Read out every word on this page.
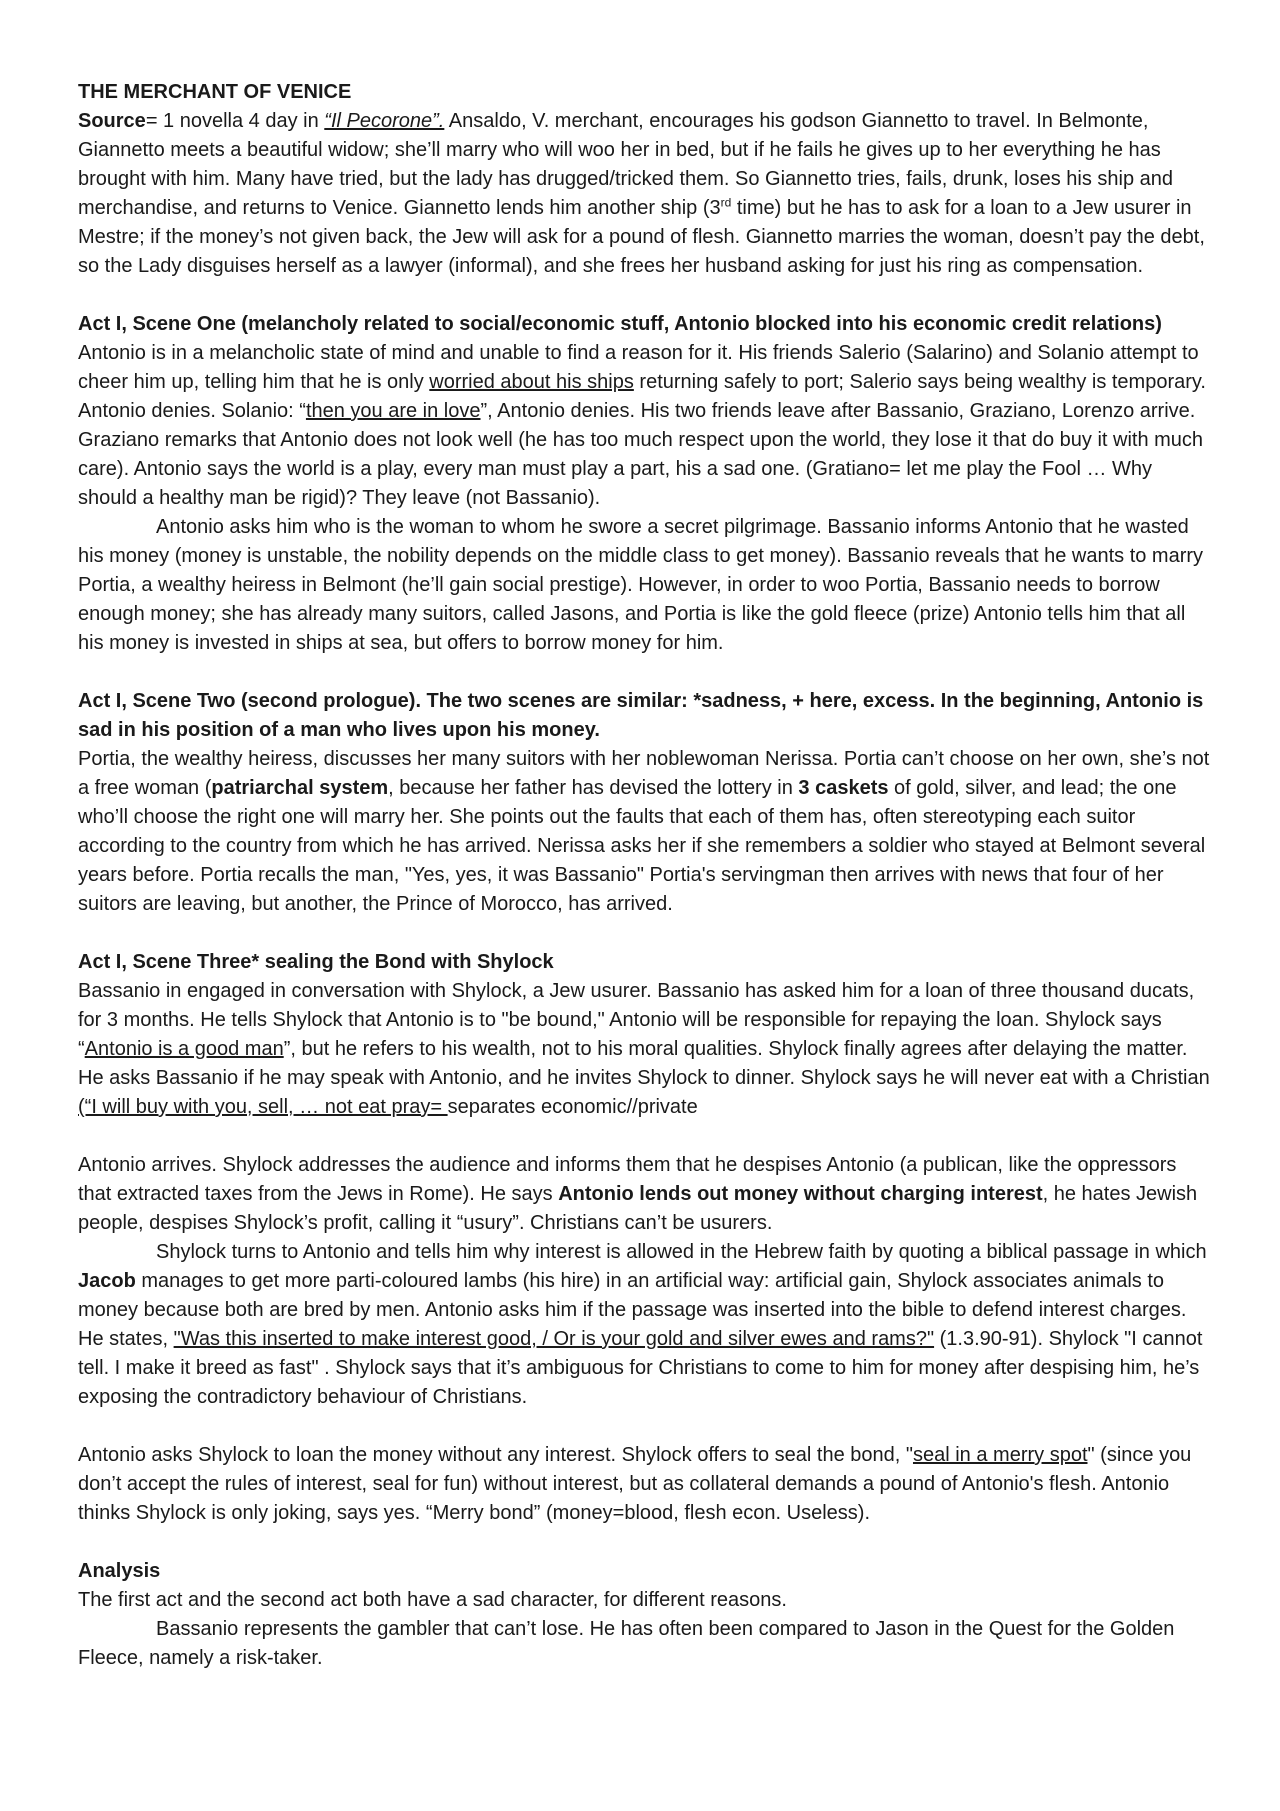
THE MERCHANT OF VENICE

Source= 1 novella 4 day in “Il Pecorone”. Ansaldo, V. merchant, encourages his godson Giannetto to travel. In Belmonte, Giannetto meets a beautiful widow; she’ll marry who will woo her in bed, but if he fails he gives up to her everything he has brought with him. Many have tried, but the lady has drugged/tricked them. So Giannetto tries, fails, drunk, loses his ship and merchandise, and returns to Venice. Giannetto lends him another ship (3rd time) but he has to ask for a loan to a Jew usurer in Mestre; if the money’s not given back, the Jew will ask for a pound of flesh. Giannetto marries the woman, doesn’t pay the debt, so the Lady disguises herself as a lawyer (informal), and she frees her husband asking for just his ring as compensation.

Act I, Scene One (melancholy related to social/economic stuff, Antonio blocked into his economic credit relations)

Antonio is in a melancholic state of mind and unable to find a reason for it. His friends Salerio (Salarino) and Solanio attempt to cheer him up, telling him that he is only worried about his ships returning safely to port; Salerio says being wealthy is temporary. Antonio denies. Solanio: “then you are in love”, Antonio denies. His two friends leave after Bassanio, Graziano, Lorenzo arrive. Graziano remarks that Antonio does not look well (he has too much respect upon the world, they lose it that do buy it with much care). Antonio says the world is a play, every man must play a part, his a sad one. (Gratiano= let me play the Fool … Why should a healthy man be rigid)? They leave (not Bassanio).

Antonio asks him who is the woman to whom he swore a secret pilgrimage. Bassanio informs Antonio that he wasted his money (money is unstable, the nobility depends on the middle class to get money). Bassanio reveals that he wants to marry Portia, a wealthy heiress in Belmont (he’ll gain social prestige). However, in order to woo Portia, Bassanio needs to borrow enough money; she has already many suitors, called Jasons, and Portia is like the gold fleece (prize) Antonio tells him that all his money is invested in ships at sea, but offers to borrow money for him.

Act I, Scene Two (second prologue). The two scenes are similar: *sadness, + here, excess. In the beginning, Antonio is sad in his position of a man who lives upon his money.

Portia, the wealthy heiress, discusses her many suitors with her noblewoman Nerissa. Portia can’t choose on her own, she’s not a free woman (patriarchal system, because her father has devised the lottery in 3 caskets of gold, silver, and lead; the one who’ll choose the right one will marry her. She points out the faults that each of them has, often stereotyping each suitor according to the country from which he has arrived. Nerissa asks her if she remembers a soldier who stayed at Belmont several years before. Portia recalls the man, "Yes, yes, it was Bassanio" Portia's servingman then arrives with news that four of her suitors are leaving, but another, the Prince of Morocco, has arrived.

Act I, Scene Three* sealing the Bond with Shylock

Bassanio in engaged in conversation with Shylock, a Jew usurer. Bassanio has asked him for a loan of three thousand ducats, for 3 months. He tells Shylock that Antonio is to "be bound," Antonio will be responsible for repaying the loan. Shylock says “Antonio is a good man”, but he refers to his wealth, not to his moral qualities. Shylock finally agrees after delaying the matter. He asks Bassanio if he may speak with Antonio, and he invites Shylock to dinner. Shylock says he will never eat with a Christian (“I will buy with you, sell, … not eat pray= separates economic//private

Antonio arrives. Shylock addresses the audience and informs them that he despises Antonio (a publican, like the oppressors that extracted taxes from the Jews in Rome). He says Antonio lends out money without charging interest, he hates Jewish people, despises Shylock’s profit, calling it “usury”. Christians can’t be usurers.

Shylock turns to Antonio and tells him why interest is allowed in the Hebrew faith by quoting a biblical passage in which Jacob manages to get more parti-coloured lambs (his hire) in an artificial way: artificial gain, Shylock associates animals to money because both are bred by men. Antonio asks him if the passage was inserted into the bible to defend interest charges. He states, "Was this inserted to make interest good, / Or is your gold and silver ewes and rams?" (1.3.90-91). Shylock "I cannot tell. I make it breed as fast" . Shylock says that it’s ambiguous for Christians to come to him for money after despising him, he’s exposing the contradictory behaviour of Christians.

Antonio asks Shylock to loan the money without any interest. Shylock offers to seal the bond, "seal in a merry spot" (since you don’t accept the rules of interest, seal for fun) without interest, but as collateral demands a pound of Antonio's flesh. Antonio thinks Shylock is only joking, says yes. “Merry bond” (money=blood, flesh econ. Useless).

Analysis

The first act and the second act both have a sad character, for different reasons.

Bassanio represents the gambler that can’t lose. He has often been compared to Jason in the Quest for the Golden Fleece, namely a risk-taker.
